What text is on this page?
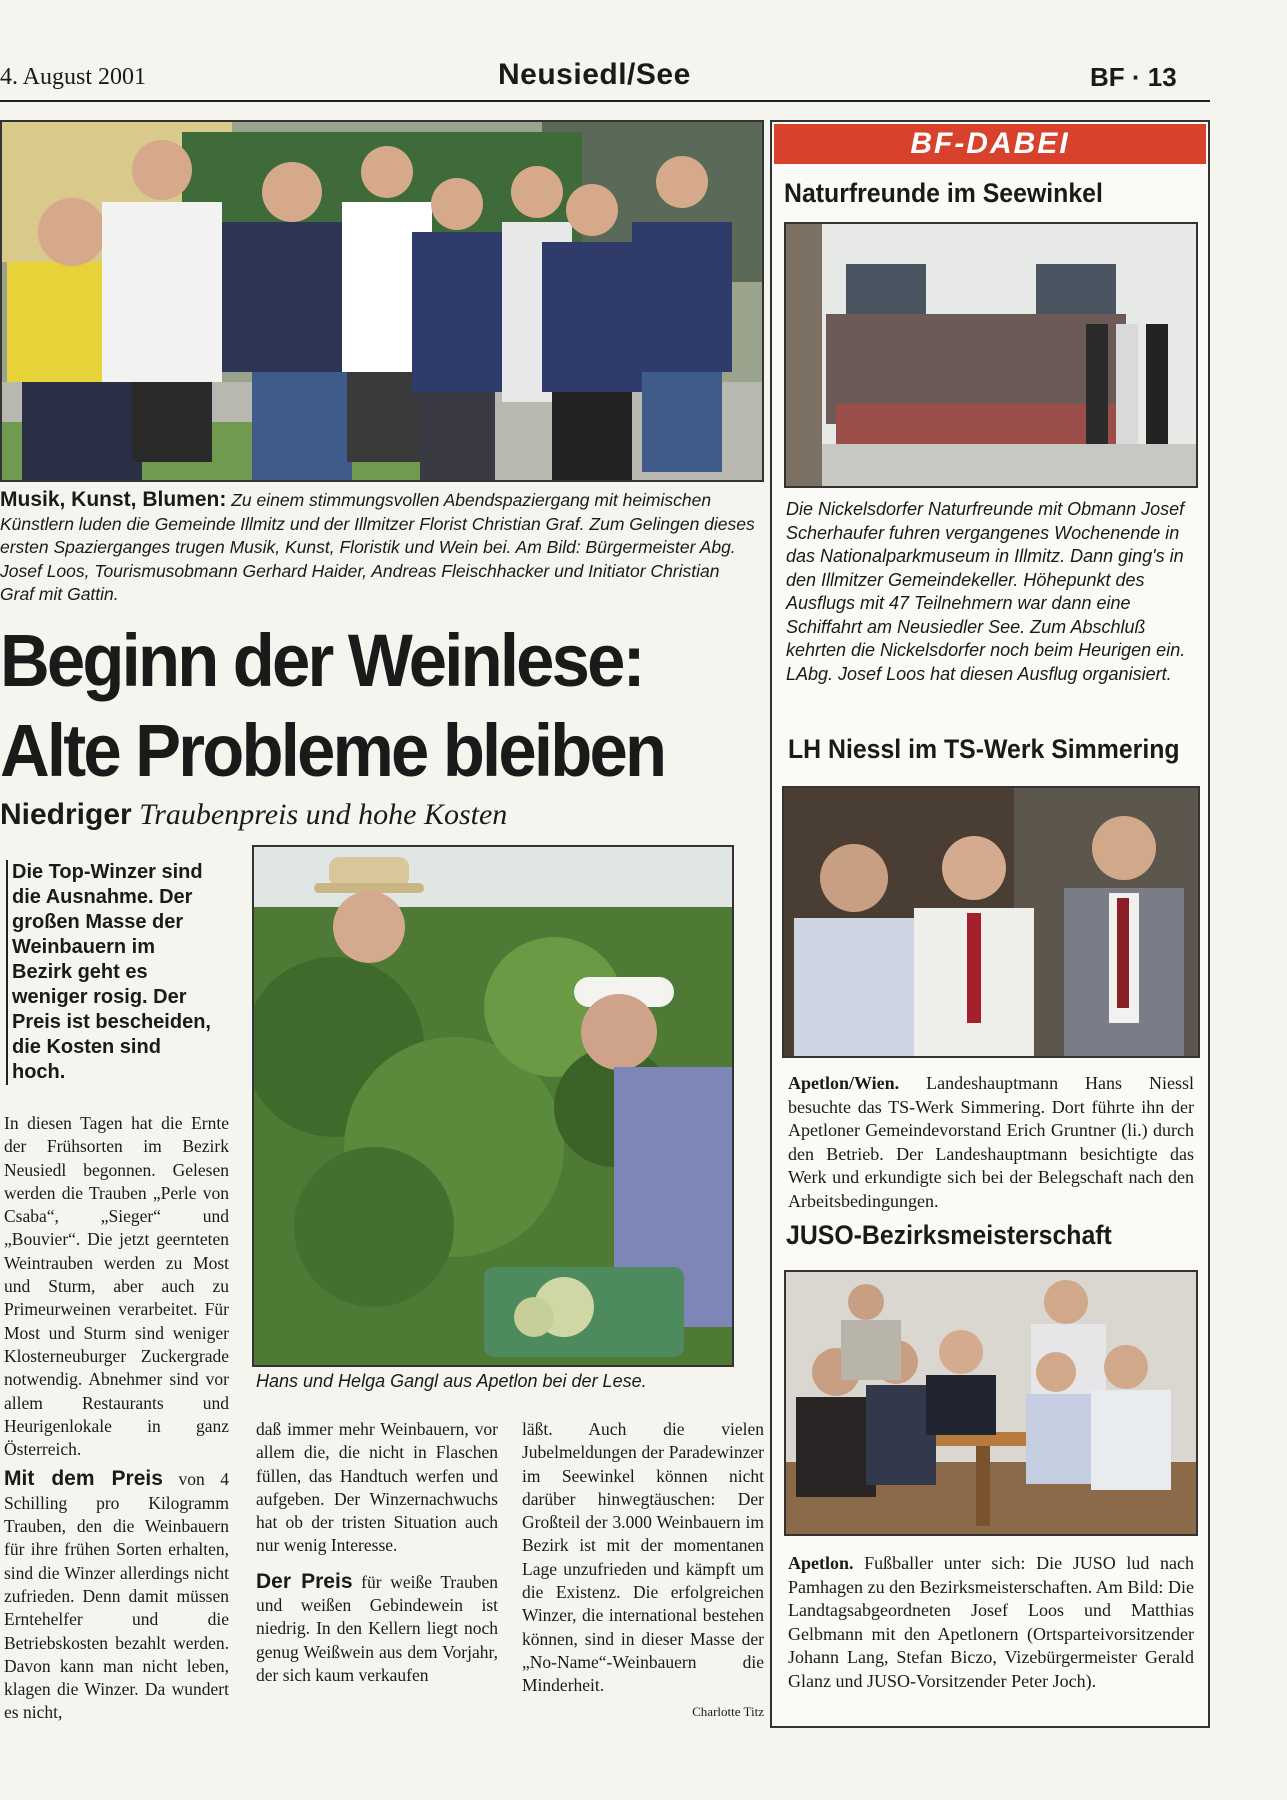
4. August 2001	Neusiedl/See	BF · 13
Musik, Kunst, Blumen: Zu einem stimmungsvollen Abendspaziergang mit heimischen Künstlern luden die Gemeinde Illmitz und der Illmitzer Florist Christian Graf. Zum Gelingen dieses ersten Spazierganges trugen Musik, Kunst, Floristik und Wein bei. Am Bild: Bürgermeister Abg. Josef Loos, Tourismusobmann Gerhard Haider, Andreas Fleischhacker und Initiator Christian Graf mit Gattin.
Beginn der Weinlese:
Alte Probleme bleiben
Niedriger Traubenpreis und hohe Kosten
Die Top-Winzer sind die Ausnahme. Der großen Masse der Weinbauern im Bezirk geht es weniger rosig. Der Preis ist bescheiden, die Kosten sind hoch.
Hans und Helga Gangl aus Apetlon bei der Lese.

In diesen Tagen hat die Ernte der Frühsorten im Bezirk Neusiedl begonnen. Gelesen werden die Trauben „Perle von Csaba“, „Sieger“ und „Bouvier“. Die jetzt geernteten Weintrauben werden zu Most und Sturm, aber auch zu Primeurweinen verarbeitet. Für Most und Sturm sind weniger Klosterneuburger Zuckergrade notwendig. Abnehmer sind vor allem Restaurants und Heurigenlokale in ganz Österreich.

Mit dem Preis von 4 Schilling pro Kilogramm Trauben, den die Weinbauern für ihre frühen Sorten erhalten, sind die Winzer allerdings nicht zufrieden. Denn damit müssen Erntehelfer und die Betriebskosten bezahlt werden. Davon kann man nicht leben, klagen die Winzer. Da wundert es nicht,

daß immer mehr Weinbauern, vor allem die, die nicht in Flaschen füllen, das Handtuch werfen und aufgeben. Der Winzernachwuchs hat ob der tristen Situation auch nur wenig Interesse.

Der Preis für weiße Trauben und weißen Gebindewein ist niedrig. In den Kellern liegt noch genug Weißwein aus dem Vorjahr, der sich kaum verkaufen

läßt. Auch die vielen Jubelmeldungen der Paradewinzer im Seewinkel können nicht darüber hinwegtäuschen: Der Großteil der 3.000 Weinbauern im Bezirk ist mit der momentanen Lage unzufrieden und kämpft um die Existenz. Die erfolgreichen Winzer, die international bestehen können, sind in dieser Masse der „No-Name“-Weinbauern die Minderheit.

Charlotte Titz

BF-DABEI
Naturfreunde im Seewinkel
Die Nickelsdorfer Naturfreunde mit Obmann Josef Scherhaufer fuhren vergangenes Wochenende in das Nationalparkmuseum in Illmitz. Dann ging's in den Illmitzer Gemeindekeller. Höhepunkt des Ausflugs mit 47 Teilnehmern war dann eine Schiffahrt am Neusiedler See. Zum Abschluß kehrten die Nickelsdorfer noch beim Heurigen ein. LAbg. Josef Loos hat diesen Ausflug organisiert.
LH Niessl im TS-Werk Simmering
Apetlon/Wien. Landeshauptmann Hans Niessl besuchte das TS-Werk Simmering. Dort führte ihn der Apetloner Gemeindevorstand Erich Gruntner (li.) durch den Betrieb. Der Landeshauptmann besichtigte das Werk und erkundigte sich bei der Belegschaft nach den Arbeitsbedingungen.
JUSO-Bezirksmeisterschaft
Apetlon. Fußballer unter sich: Die JUSO lud nach Pamhagen zu den Bezirksmeisterschaften. Am Bild: Die Landtagsabgeordneten Josef Loos und Matthias Gelbmann mit den Apetlonern (Ortsparteivorsitzender Johann Lang, Stefan Biczo, Vizebürgermeister Gerald Glanz und JUSO-Vorsitzender Peter Joch).
